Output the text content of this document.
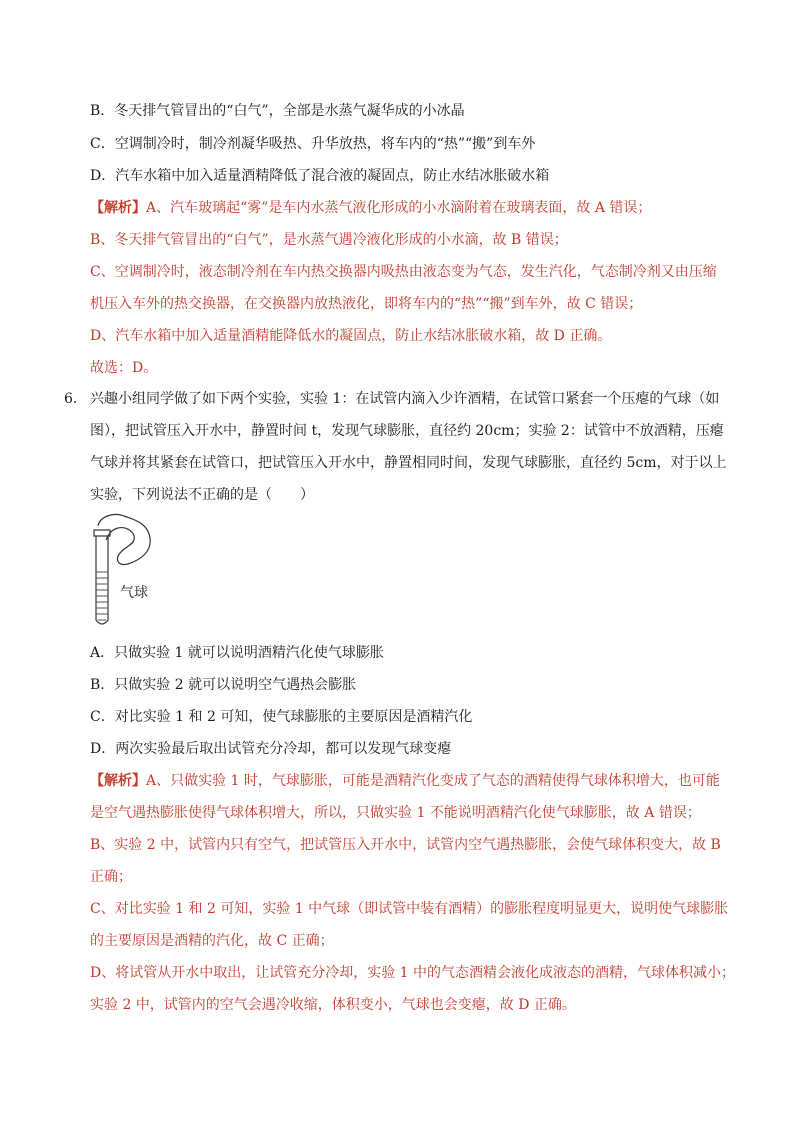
B．冬天排气管冒出的“白气”，全部是水蒸气凝华成的小冰晶
C．空调制冷时，制冷剂凝华吸热、升华放热，将车内的“热”“搬”到车外
D．汽车水箱中加入适量酒精降低了混合液的凝固点，防止水结冰胀破水箱
【解析】A、汽车玻璃起“雾”是车内水蒸气液化形成的小水滴附着在玻璃表面，故 A 错误；
B、冬天排气管冒出的“白气”，是水蒸气遇冷液化形成的小水滴，故 B 错误；
C、空调制冷时，液态制冷剂在车内热交换器内吸热由液态变为气态，发生汽化，气态制冷剂又由压缩
机压入车外的热交换器，在交换器内放热液化，即将车内的“热”“搬”到车外，故 C 错误；
D、汽车水箱中加入适量酒精能降低水的凝固点，防止水结冰胀破水箱，故 D 正确。
故选：D。
6． 兴趣小组同学做了如下两个实验，实验 1：在试管内滴入少许酒精，在试管口紧套一个压瘪的气球（如
图），把试管压入开水中，静置时间 t，发现气球膨胀，直径约 20cm；实验 2：试管中不放酒精，压瘪
气球并将其紧套在试管口，把试管压入开水中，静置相同时间，发现气球膨胀，直径约 5cm，对于以上
实验，下列说法不正确的是（　　）
气球
A．只做实验 1 就可以说明酒精汽化使气球膨胀
B．只做实验 2 就可以说明空气遇热会膨胀
C．对比实验 1 和 2 可知，使气球膨胀的主要原因是酒精汽化
D．两次实验最后取出试管充分冷却，都可以发现气球变瘪
【解析】A、只做实验 1 时，气球膨胀，可能是酒精汽化变成了气态的酒精使得气球体积增大，也可能
是空气遇热膨胀使得气球体积增大，所以，只做实验 1 不能说明酒精汽化使气球膨胀，故 A 错误；
B、实验 2 中，试管内只有空气，把试管压入开水中，试管内空气遇热膨胀，会使气球体积变大，故 B
正确；
C、对比实验 1 和 2 可知，实验 1 中气球（即试管中装有酒精）的膨胀程度明显更大，说明使气球膨胀
的主要原因是酒精的汽化，故 C 正确；
D、将试管从开水中取出，让试管充分冷却，实验 1 中的气态酒精会液化成液态的酒精，气球体积减小；
实验 2 中，试管内的空气会遇冷收缩，体积变小，气球也会变瘪，故 D 正确。
